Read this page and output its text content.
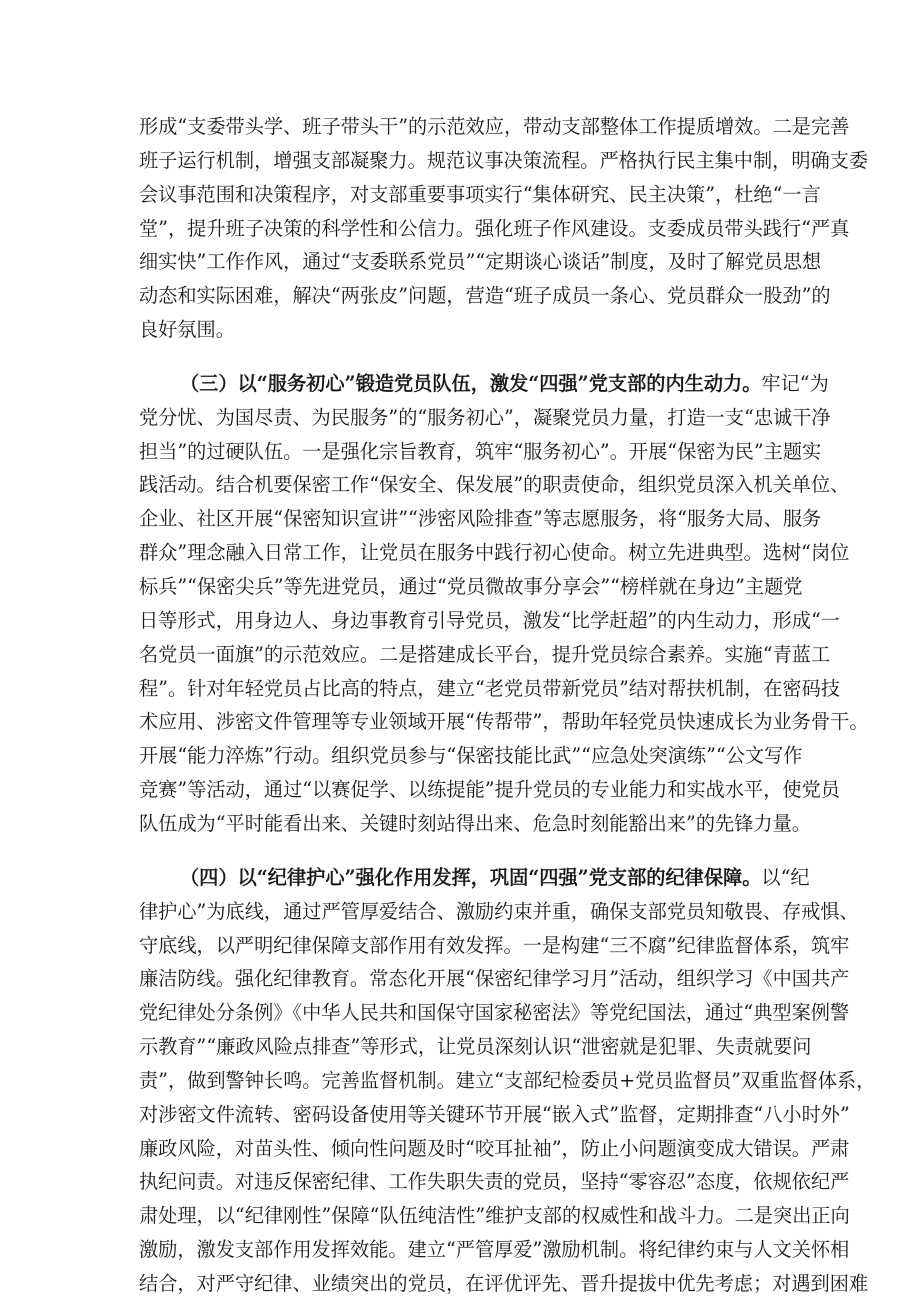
形成“支委带头学、班子带头干”的示范效应，带动支部整体工作提质增效。二是完善
班子运行机制，增强支部凝聚力。规范议事决策流程。严格执行民主集中制，明确支委
会议事范围和决策程序，对支部重要事项实行“集体研究、民主决策”，杜绝“一言
堂”，提升班子决策的科学性和公信力。强化班子作风建设。支委成员带头践行“严真
细实快”工作作风，通过“支委联系党员”“定期谈心谈话”制度，及时了解党员思想
动态和实际困难，解决“两张皮”问题，营造“班子成员一条心、党员群众一股劲”的
良好氛围。
（三）以“服务初心”锻造党员队伍，激发“四强”党支部的内生动力。牢记“为
党分忧、为国尽责、为民服务”的“服务初心”，凝聚党员力量，打造一支“忠诚干净
担当”的过硬队伍。一是强化宗旨教育，筑牢“服务初心”。开展“保密为民”主题实
践活动。结合机要保密工作“保安全、保发展”的职责使命，组织党员深入机关单位、
企业、社区开展“保密知识宣讲”“涉密风险排查”等志愿服务，将“服务大局、服务
群众”理念融入日常工作，让党员在服务中践行初心使命。树立先进典型。选树“岗位
标兵”“保密尖兵”等先进党员，通过“党员微故事分享会”“榜样就在身边”主题党
日等形式，用身边人、身边事教育引导党员，激发“比学赶超”的内生动力，形成“一
名党员一面旗”的示范效应。二是搭建成长平台，提升党员综合素养。实施“青蓝工
程”。针对年轻党员占比高的特点，建立“老党员带新党员”结对帮扶机制，在密码技
术应用、涉密文件管理等专业领域开展“传帮带”，帮助年轻党员快速成长为业务骨干。
开展“能力淬炼”行动。组织党员参与“保密技能比武”“应急处突演练”“公文写作
竞赛”等活动，通过“以赛促学、以练提能”提升党员的专业能力和实战水平，使党员
队伍成为“平时能看出来、关键时刻站得出来、危急时刻能豁出来”的先锋力量。
（四）以“纪律护心”强化作用发挥，巩固“四强”党支部的纪律保障。以“纪
律护心”为底线，通过严管厚爱结合、激励约束并重，确保支部党员知敬畏、存戒惧、
守底线，以严明纪律保障支部作用有效发挥。一是构建“三不腐”纪律监督体系，筑牢
廉洁防线。强化纪律教育。常态化开展“保密纪律学习月”活动，组织学习《中国共产
党纪律处分条例》《中华人民共和国保守国家秘密法》等党纪国法，通过“典型案例警
示教育”“廉政风险点排查”等形式，让党员深刻认识“泄密就是犯罪、失责就要问
责”，做到警钟长鸣。完善监督机制。建立“支部纪检委员+党员监督员”双重监督体系，
对涉密文件流转、密码设备使用等关键环节开展“嵌入式”监督，定期排查“八小时外”
廉政风险，对苗头性、倾向性问题及时“咬耳扯袖”，防止小问题演变成大错误。严肃
执纪问责。对违反保密纪律、工作失职失责的党员，坚持“零容忍”态度，依规依纪严
肃处理，以“纪律刚性”保障“队伍纯洁性”维护支部的权威性和战斗力。二是突出正向
激励，激发支部作用发挥效能。建立“严管厚爱”激励机制。将纪律约束与人文关怀相
结合，对严守纪律、业绩突出的党员，在评优评先、晋升提拔中优先考虑；对遇到困难
